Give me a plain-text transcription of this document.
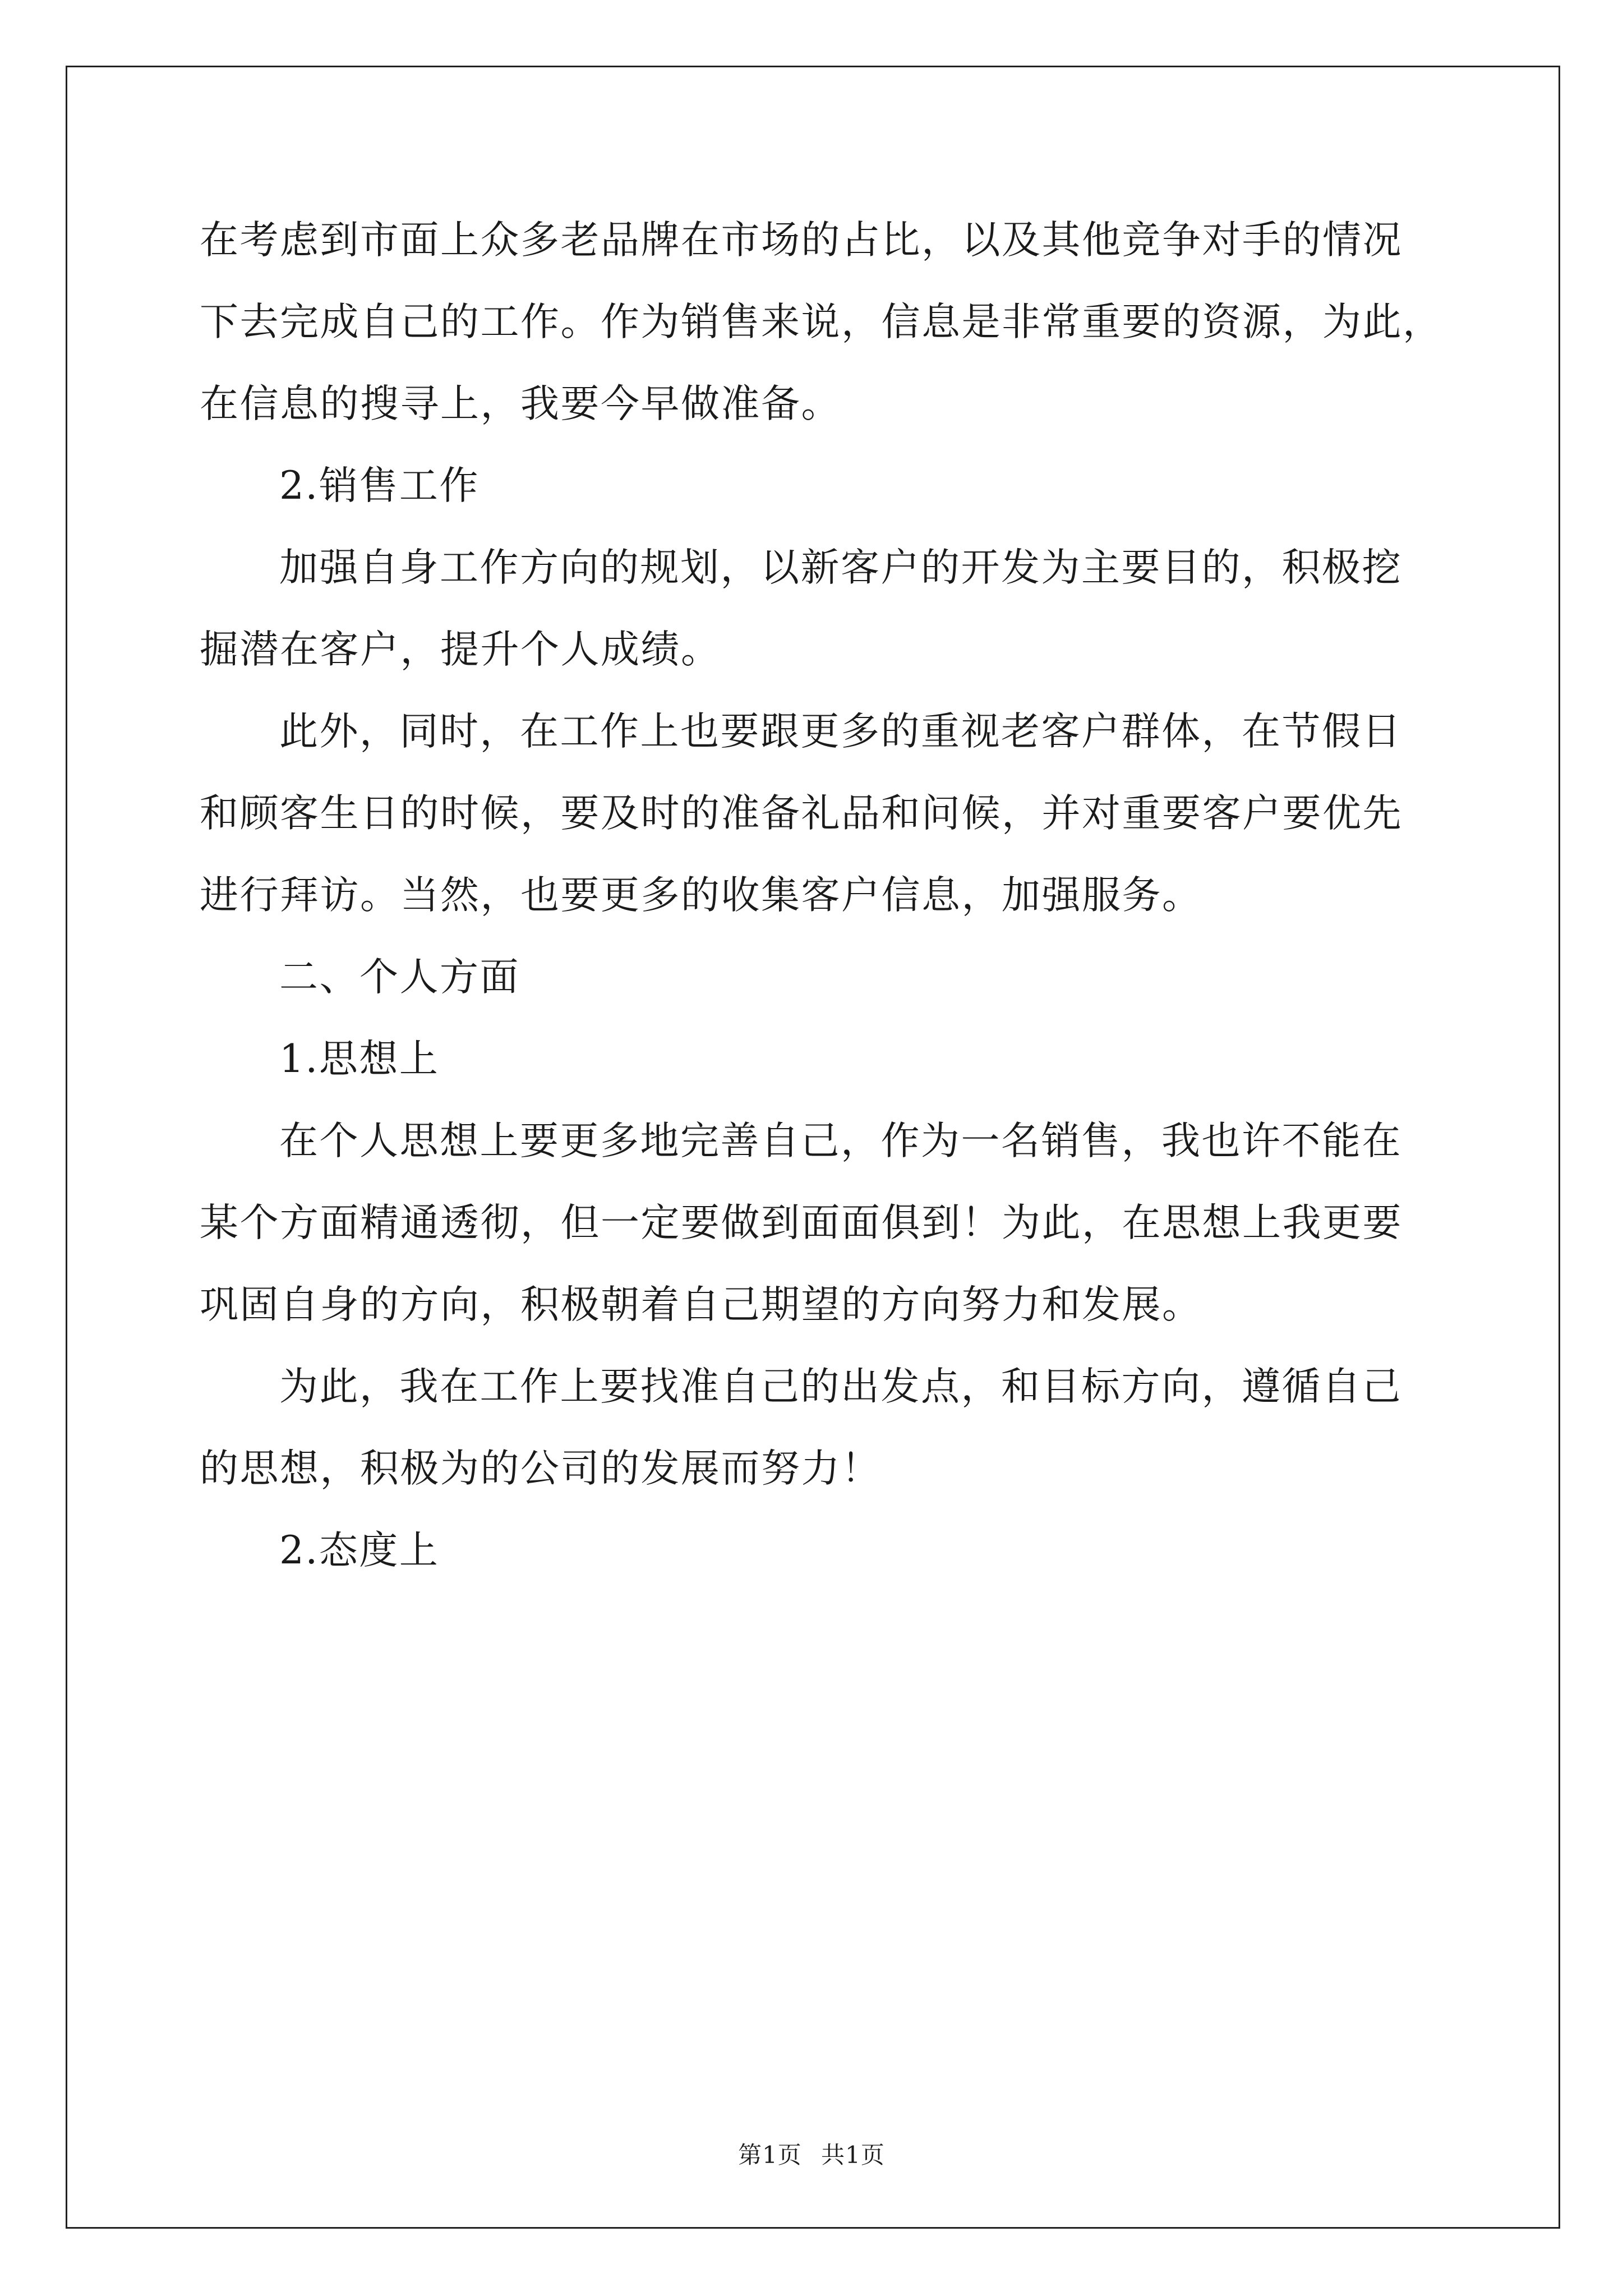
在考虑到市面上众多老品牌在市场的占比，以及其他竞争对手的情况
下去完成自己的工作。作为销售来说，信息是非常重要的资源，为此，
在信息的搜寻上，我要今早做准备。
2.销售工作
加强自身工作方向的规划，以新客户的开发为主要目的，积极挖
掘潜在客户，提升个人成绩。
此外，同时，在工作上也要跟更多的重视老客户群体，在节假日
和顾客生日的时候，要及时的准备礼品和问候，并对重要客户要优先
进行拜访。当然，也要更多的收集客户信息，加强服务。
二、个人方面
1.思想上
在个人思想上要更多地完善自己，作为一名销售，我也许不能在
某个方面精通透彻，但一定要做到面面俱到！为此，在思想上我更要
巩固自身的方向，积极朝着自己期望的方向努力和发展。
为此，我在工作上要找准自己的出发点，和目标方向，遵循自己
的思想，积极为的公司的发展而努力！
2.态度上
第1页 共1页
